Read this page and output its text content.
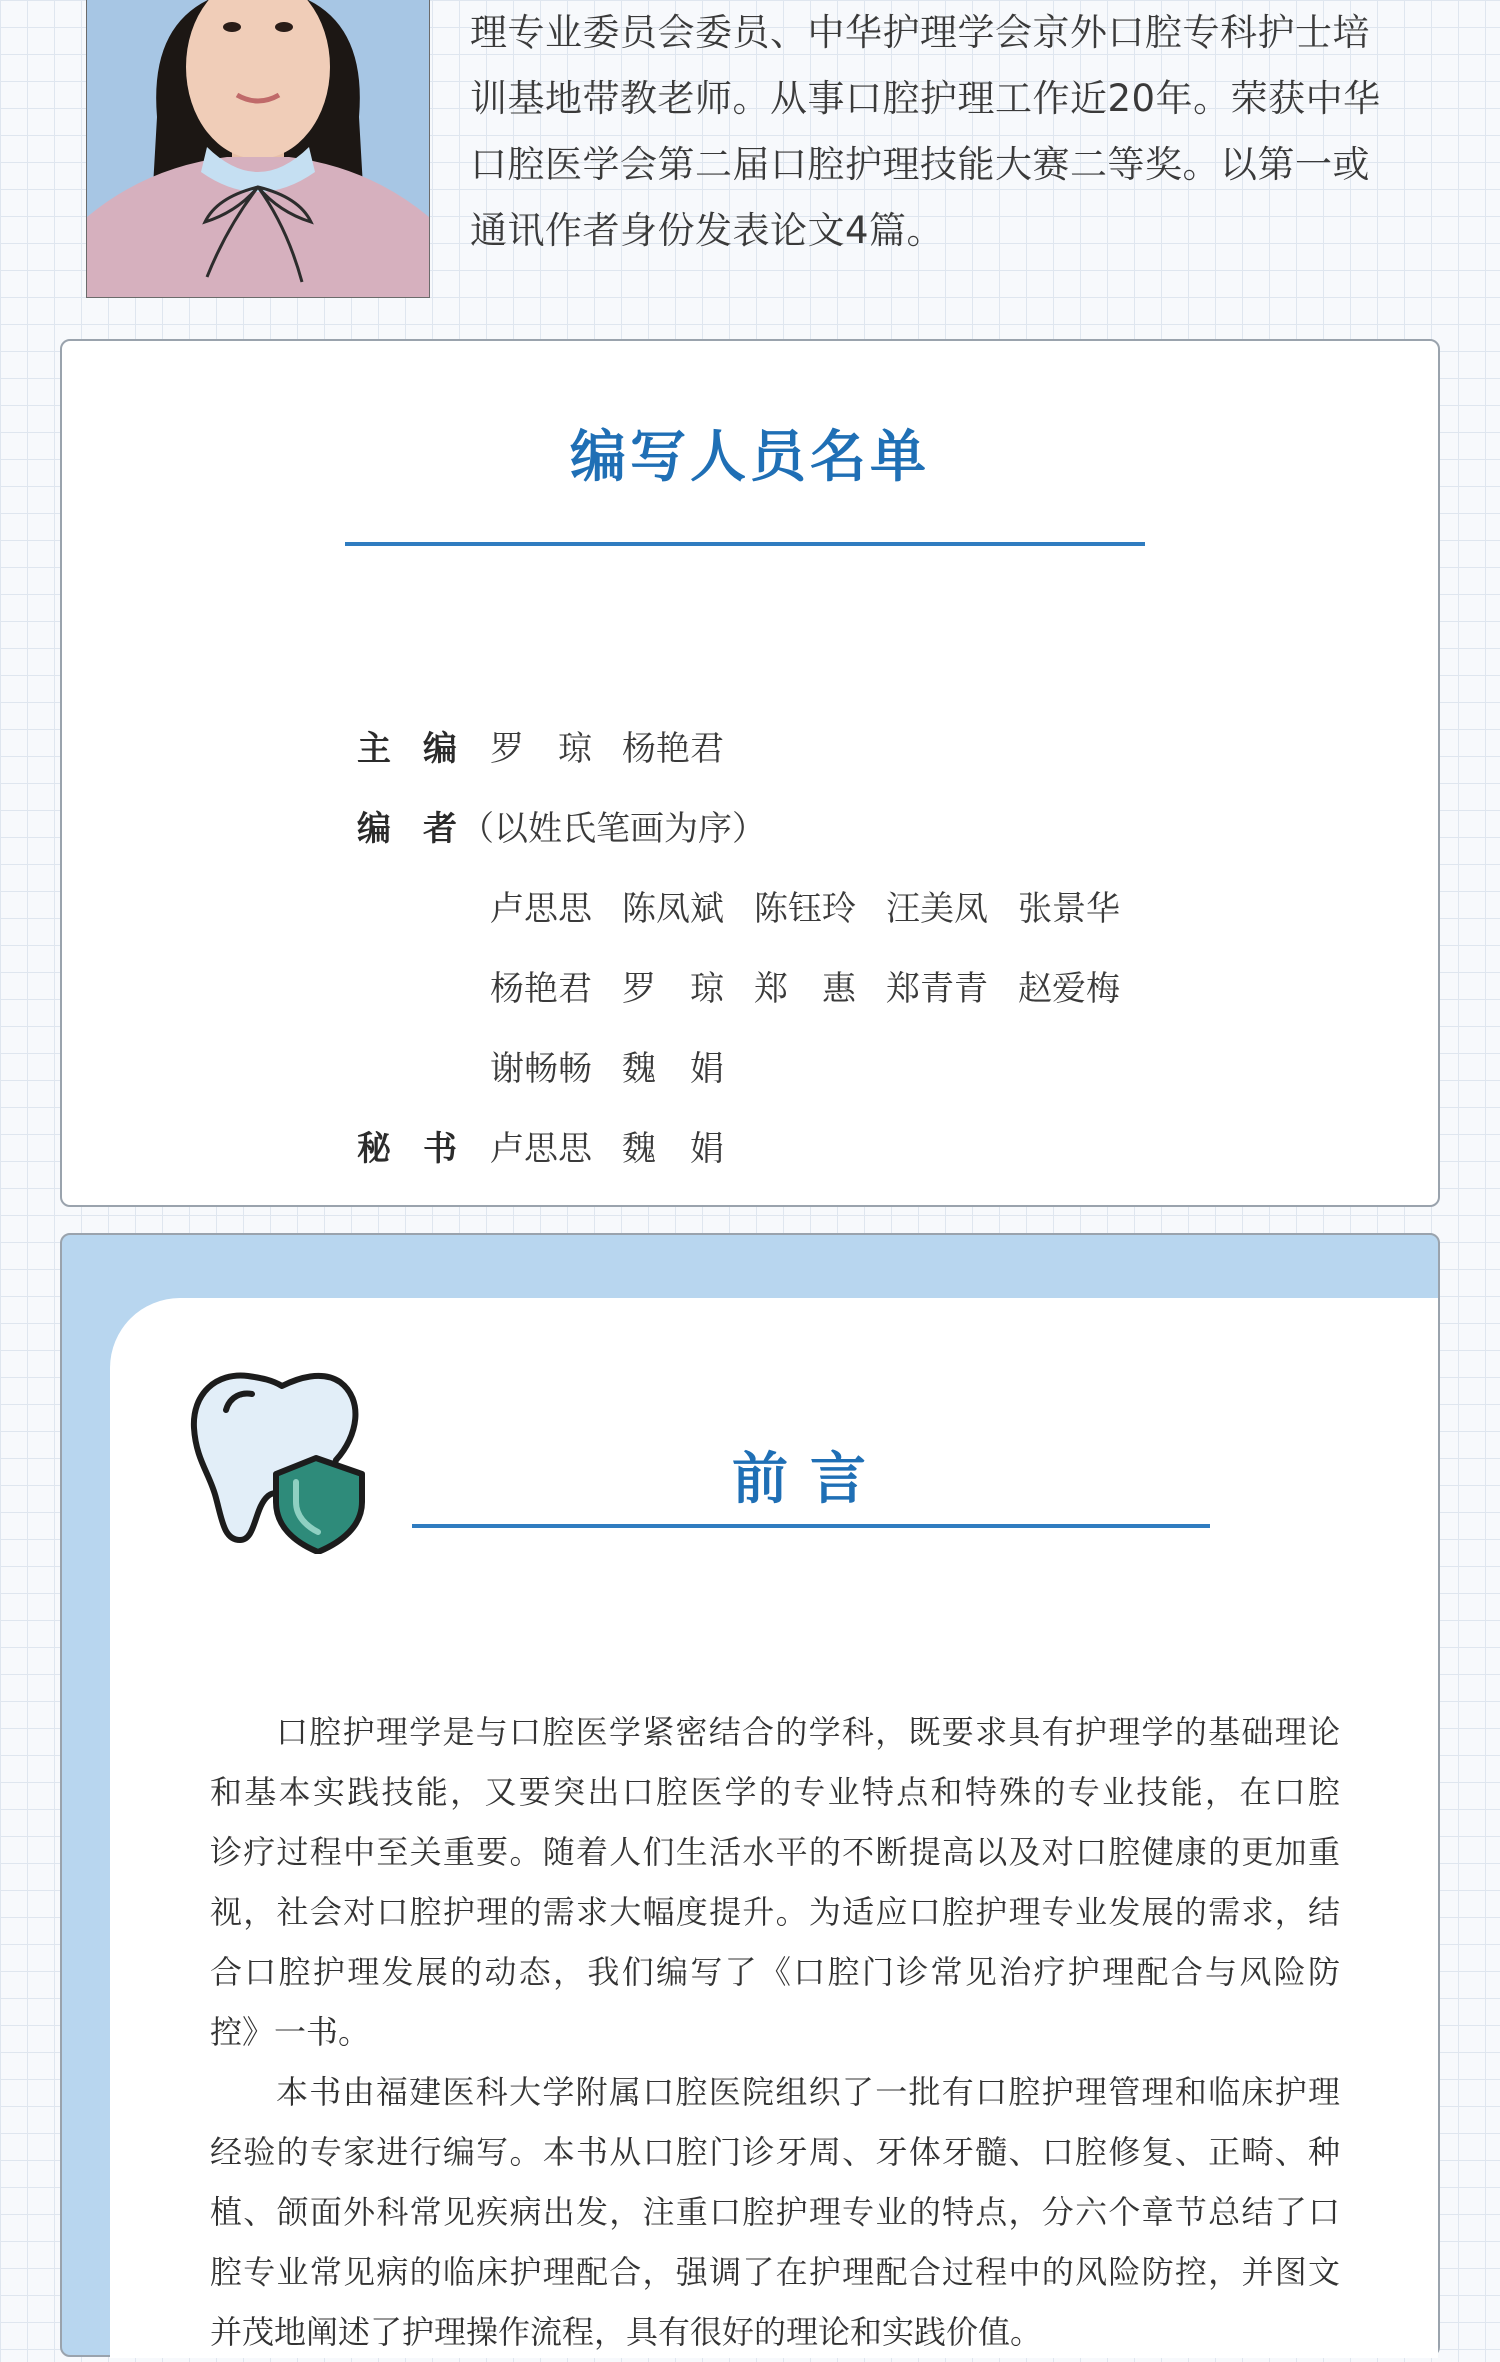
理专业委员会委员、中华护理学会京外口腔专科护士培
训基地带教老师。从事口腔护理工作近20年。荣获中华
口腔医学会第二届口腔护理技能大赛二等奖。以第一或
通讯作者身份发表论文4篇。
编写人员名单
主 编 罗　琼 杨艳君
编 者 （以姓氏笔画为序）
卢思思 陈凤斌 陈钰玲 汪美凤 张景华
杨艳君 罗　琼 郑　惠 郑青青 赵爱梅
谢畅畅 魏　娟
秘 书 卢思思 魏　娟
前言
口腔护理学是与口腔医学紧密结合的学科，既要求具有护理学的基础理论
和基本实践技能，又要突出口腔医学的专业特点和特殊的专业技能，在口腔
诊疗过程中至关重要。随着人们生活水平的不断提高以及对口腔健康的更加重
视，社会对口腔护理的需求大幅度提升。为适应口腔护理专业发展的需求，结
合口腔护理发展的动态，我们编写了《口腔门诊常见治疗护理配合与风险防
控》一书。
本书由福建医科大学附属口腔医院组织了一批有口腔护理管理和临床护理
经验的专家进行编写。本书从口腔门诊牙周、牙体牙髓、口腔修复、正畸、种
植、颌面外科常见疾病出发，注重口腔护理专业的特点，分六个章节总结了口
腔专业常见病的临床护理配合，强调了在护理配合过程中的风险防控，并图文
并茂地阐述了护理操作流程，具有很好的理论和实践价值。
